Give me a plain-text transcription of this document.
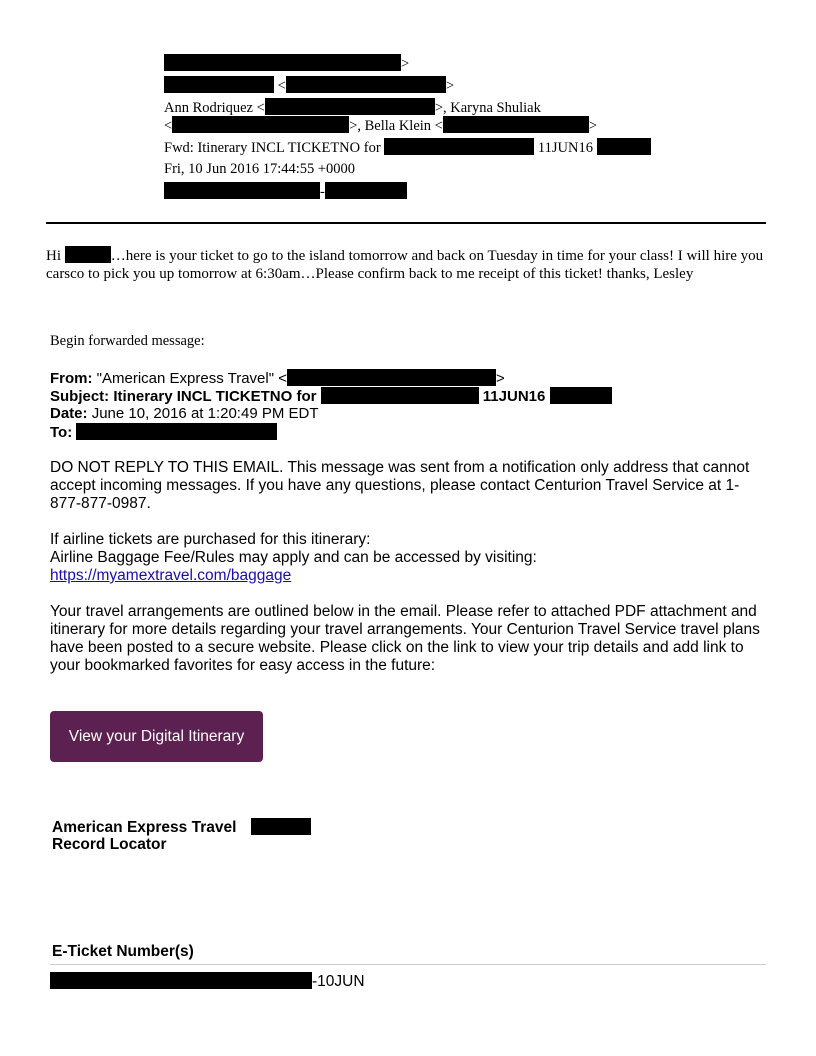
>
<	>
Ann Rodriquez <	>, Karyna Shuliak
<	>, Bella Klein <	>
Fwd: Itinerary INCL TICKETNO for	11JUN16
Fri, 10 Jun 2016 17:44:55 +0000
-
Hi	…here is your ticket to go to the island tomorrow and back on Tuesday in time for your class! I will hire you carsco to pick you up tomorrow at 6:30am…Please confirm back to me receipt of this ticket! thanks, Lesley
Begin forwarded message:
From: "American Express Travel" <	>
Subject: Itinerary INCL TICKETNO for	11JUN16
Date: June 10, 2016 at 1:20:49 PM EDT
To:
DO NOT REPLY TO THIS EMAIL. This message was sent from a notification only address that cannot accept incoming messages. If you have any questions, please contact Centurion Travel Service at 1-877-877-0987.
If airline tickets are purchased for this itinerary:
Airline Baggage Fee/Rules may apply and can be accessed by visiting:
https://myamextravel.com/baggage
Your travel arrangements are outlined below in the email. Please refer to attached PDF attachment and itinerary for more details regarding your travel arrangements. Your Centurion Travel Service travel plans have been posted to a secure website. Please click on the link to view your trip details and add link to your bookmarked favorites for easy access in the future:
View your Digital Itinerary
American Express Travel
Record Locator
E-Ticket Number(s)
-10JUN
